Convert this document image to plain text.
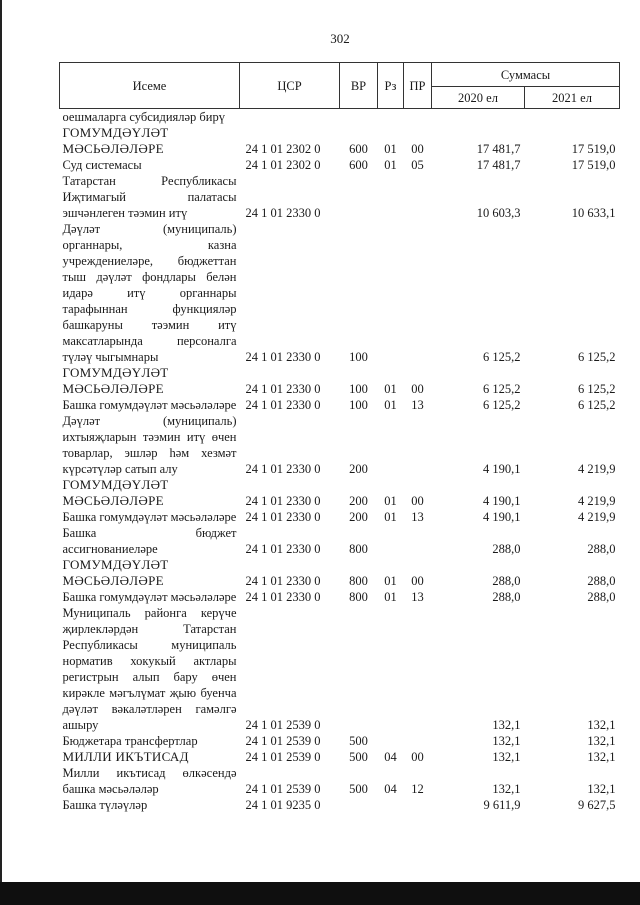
302
Исеме	ЦСР	ВР	Рз	ПР	Суммасы	
					2020 ел	2021 ел
оешмаларга субсидияләр бирү						
ГОМУМДӘҮЛӘТ МӘСЬӘЛӘЛӘРЕ	24 1 01 2302 0	600	01	00	17 481,7	17 519,0
Суд системасы	24 1 01 2302 0	600	01	05	17 481,7	17 519,0
Татарстан Республикасы Иҗтимагый палатасы эшчәнлеген тәэмин итү	24 1 01 2330 0				10 603,3	10 633,1
Дәүләт (муниципаль) органнары, казна учреждениеләре, бюджеттан тыш дәүләт фондлары белән идарә итү органнары тарафыннан функцияләр башкаруны тәэмин итү максатларында персоналга түләү чыгымнары	24 1 01 2330 0	100			6 125,2	6 125,2
ГОМУМДӘҮЛӘТ МӘСЬӘЛӘЛӘРЕ	24 1 01 2330 0	100	01	00	6 125,2	6 125,2
Башка гомумдәүләт мәсьәләләре	24 1 01 2330 0	100	01	13	6 125,2	6 125,2
Дәүләт (муниципаль) ихтыяҗларын тәэмин итү өчен товарлар, эшләр һәм хезмәт күрсәтүләр сатып алу	24 1 01 2330 0	200			4 190,1	4 219,9
ГОМУМДӘҮЛӘТ МӘСЬӘЛӘЛӘРЕ	24 1 01 2330 0	200	01	00	4 190,1	4 219,9
Башка гомумдәүләт мәсьәләләре	24 1 01 2330 0	200	01	13	4 190,1	4 219,9
Башка бюджет ассигнованиеләре	24 1 01 2330 0	800			288,0	288,0
ГОМУМДӘҮЛӘТ МӘСЬӘЛӘЛӘРЕ	24 1 01 2330 0	800	01	00	288,0	288,0
Башка гомумдәүләт мәсьәләләре	24 1 01 2330 0	800	01	13	288,0	288,0
Муниципаль районга керүче җирлекләрдән Татарстан Республикасы муниципаль норматив хокукый актлары регистрын алып бару өчен кирәкле мәгълүмат җыю буенча дәүләт вәкаләтләрен гамәлгә ашыру	24 1 01 2539 0				132,1	132,1
Бюджетара трансфертлар	24 1 01 2539 0	500			132,1	132,1
МИЛЛИ ИКЪТИСАД	24 1 01 2539 0	500	04	00	132,1	132,1
Милли икътисад өлкәсендә башка мәсьәләләр	24 1 01 2539 0	500	04	12	132,1	132,1
Башка түләүләр	24 1 01 9235 0				9 611,9	9 627,5
